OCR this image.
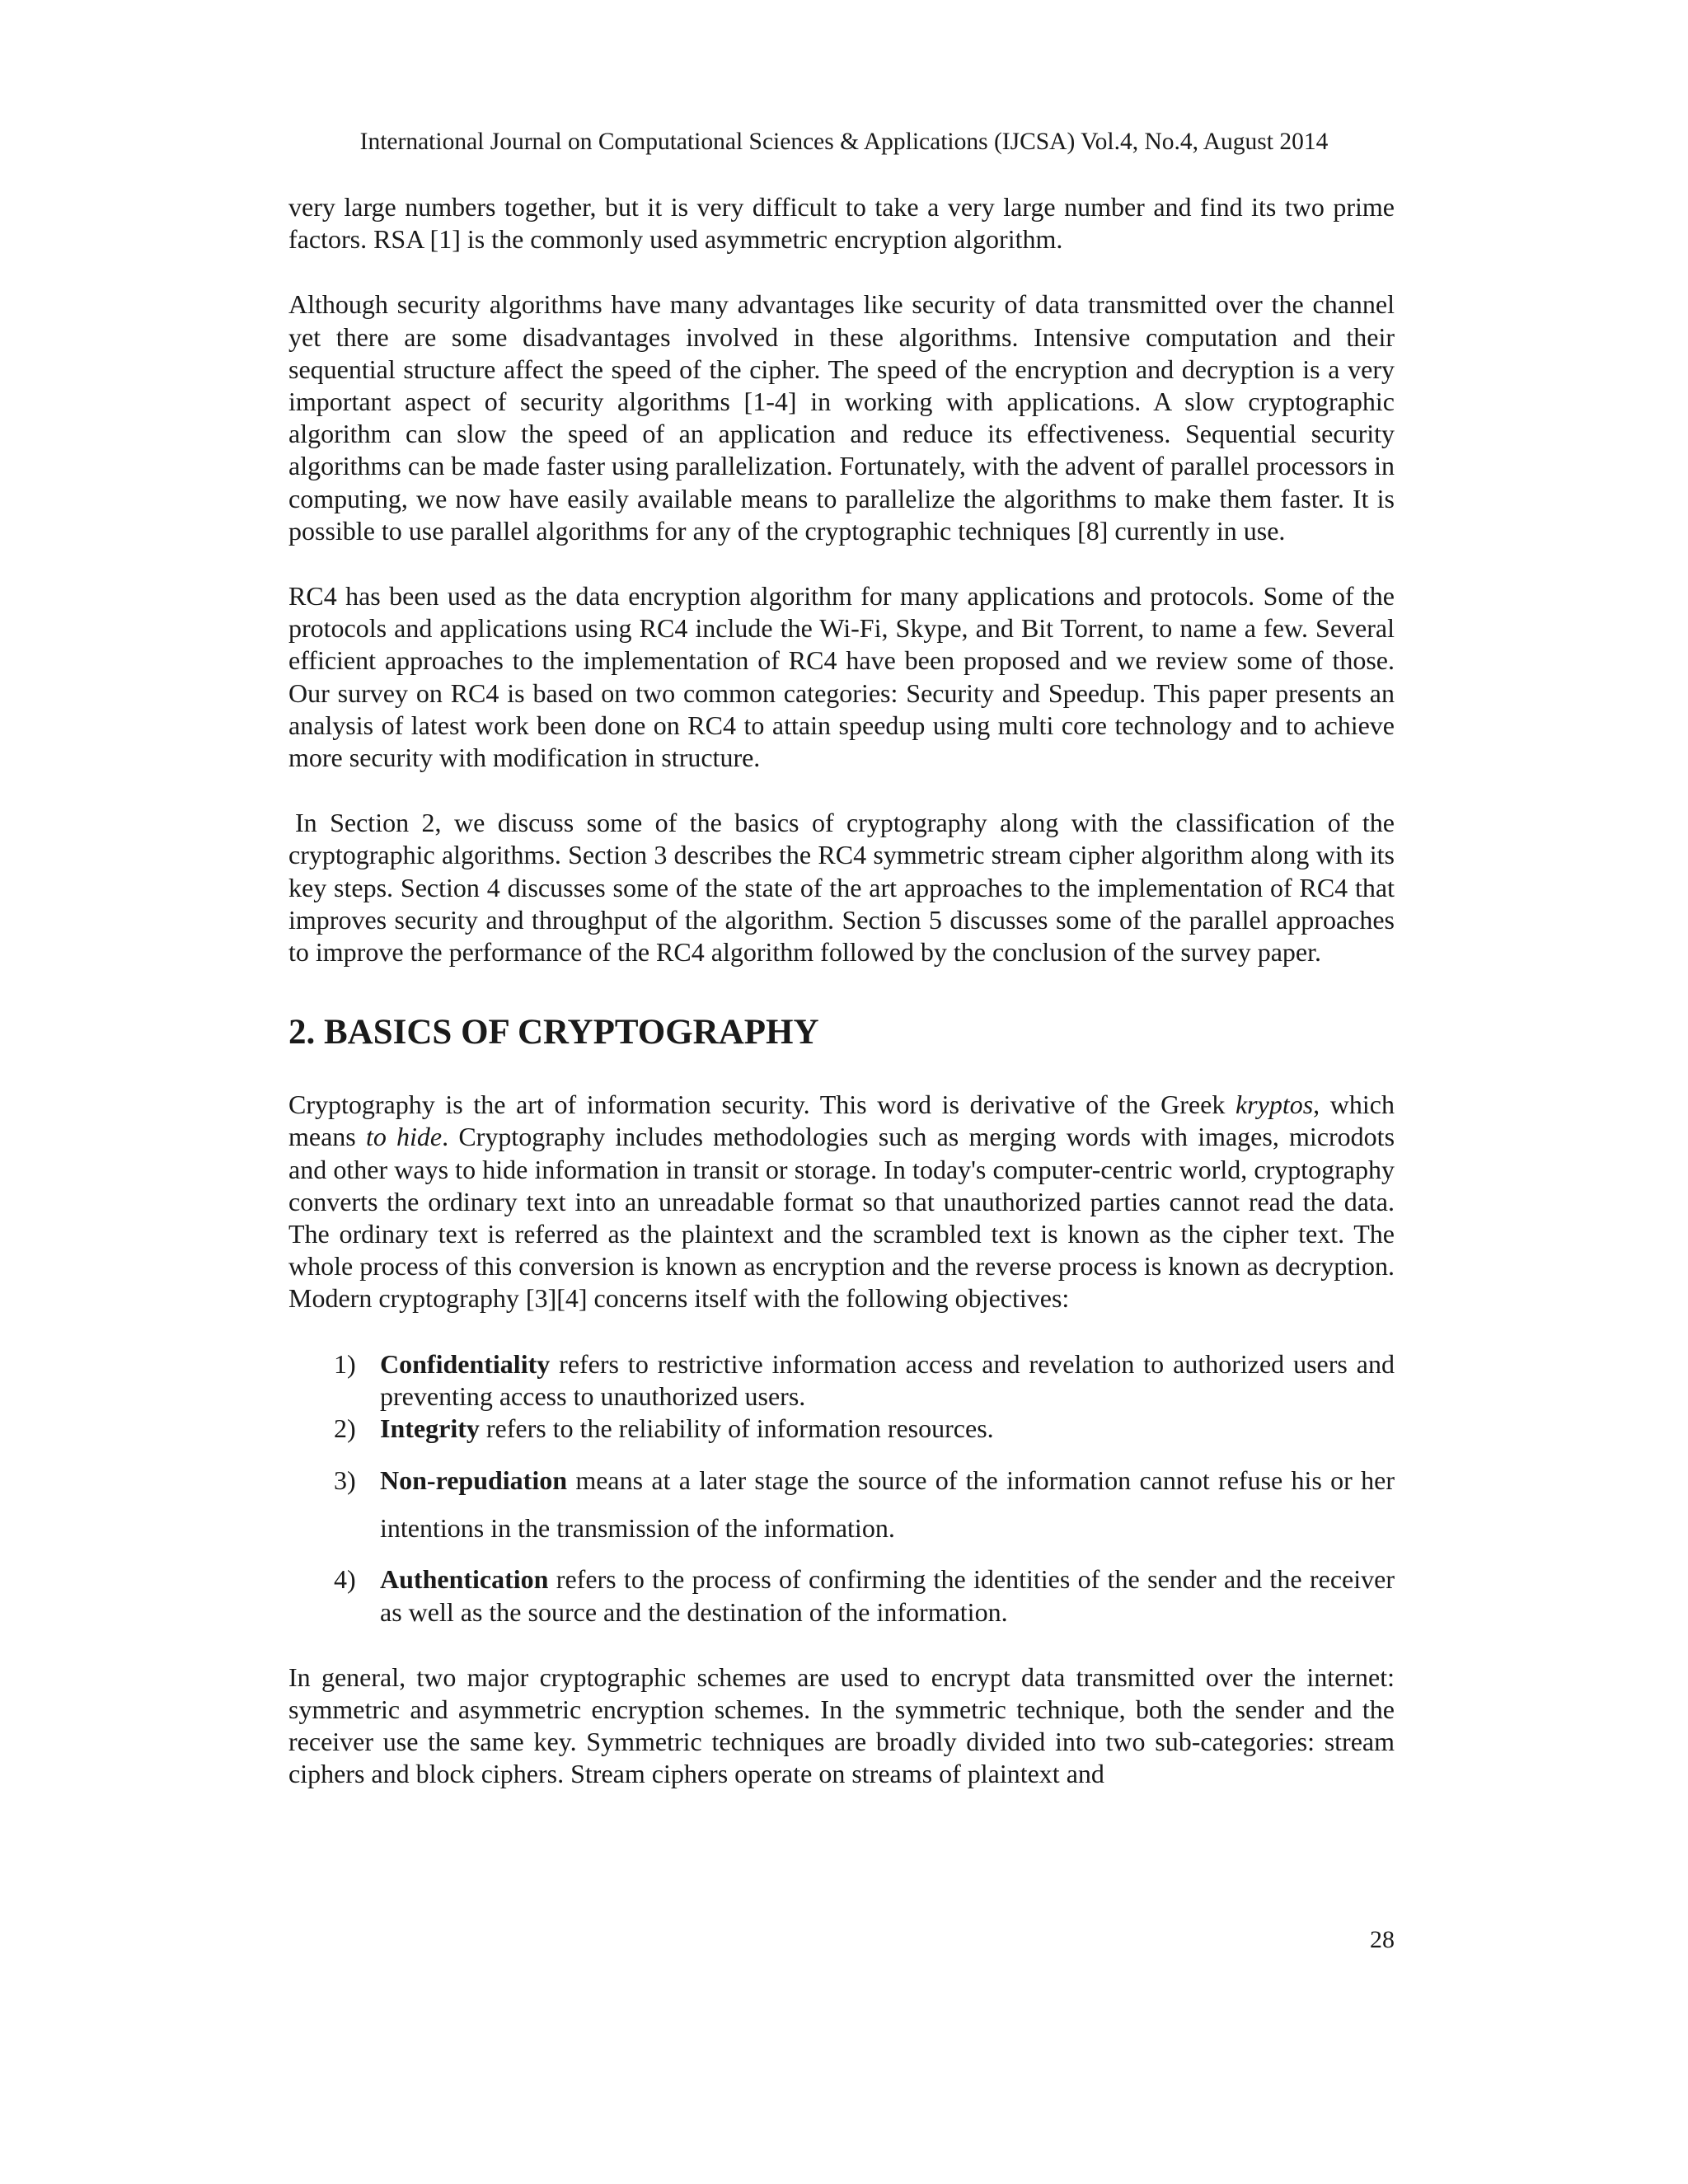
International Journal on Computational Sciences & Applications (IJCSA) Vol.4, No.4, August 2014

very large numbers together, but it is very difficult to take a very large number and find its two prime factors. RSA [1] is the commonly used asymmetric encryption algorithm.

Although security algorithms have many advantages like security of data transmitted over the channel yet there are some disadvantages involved in these algorithms. Intensive computation and their sequential structure affect the speed of the cipher. The speed of the encryption and decryption is a very important aspect of security algorithms [1-4] in working with applications. A slow cryptographic algorithm can slow the speed of an application and reduce its effectiveness. Sequential security algorithms can be made faster using parallelization. Fortunately, with the advent of parallel processors in computing, we now have easily available means to parallelize the algorithms to make them faster. It is possible to use parallel algorithms for any of the cryptographic techniques [8] currently in use.

RC4 has been used as the data encryption algorithm for many applications and protocols. Some of the protocols and applications using RC4 include the Wi-Fi, Skype, and Bit Torrent, to name a few. Several efficient approaches to the implementation of RC4 have been proposed and we review some of those. Our survey on RC4 is based on two common categories: Security and Speedup. This paper presents an analysis of latest work been done on RC4 to attain speedup using multi core technology and to achieve more security with modification in structure.

In Section 2, we discuss some of the basics of cryptography along with the classification of the cryptographic algorithms. Section 3 describes the RC4 symmetric stream cipher algorithm along with its key steps. Section 4 discusses some of the state of the art approaches to the implementation of RC4 that improves security and throughput of the algorithm. Section 5 discusses some of the parallel approaches to improve the performance of the RC4 algorithm followed by the conclusion of the survey paper.

2. BASICS OF CRYPTOGRAPHY

Cryptography is the art of information security. This word is derivative of the Greek kryptos, which means to hide. Cryptography includes methodologies such as merging words with images, microdots and other ways to hide information in transit or storage. In today's computer-centric world, cryptography converts the ordinary text into an unreadable format so that unauthorized parties cannot read the data. The ordinary text is referred as the plaintext and the scrambled text is known as the cipher text. The whole process of this conversion is known as encryption and the reverse process is known as decryption. Modern cryptography [3][4] concerns itself with the following objectives:

1) Confidentiality refers to restrictive information access and revelation to authorized users and preventing access to unauthorized users.
2) Integrity refers to the reliability of information resources.
3) Non-repudiation means at a later stage the source of the information cannot refuse his or her intentions in the transmission of the information.
4) Authentication refers to the process of confirming the identities of the sender and the receiver as well as the source and the destination of the information.

In general, two major cryptographic schemes are used to encrypt data transmitted over the internet: symmetric and asymmetric encryption schemes. In the symmetric technique, both the sender and the receiver use the same key. Symmetric techniques are broadly divided into two sub-categories: stream ciphers and block ciphers. Stream ciphers operate on streams of plaintext and

28
